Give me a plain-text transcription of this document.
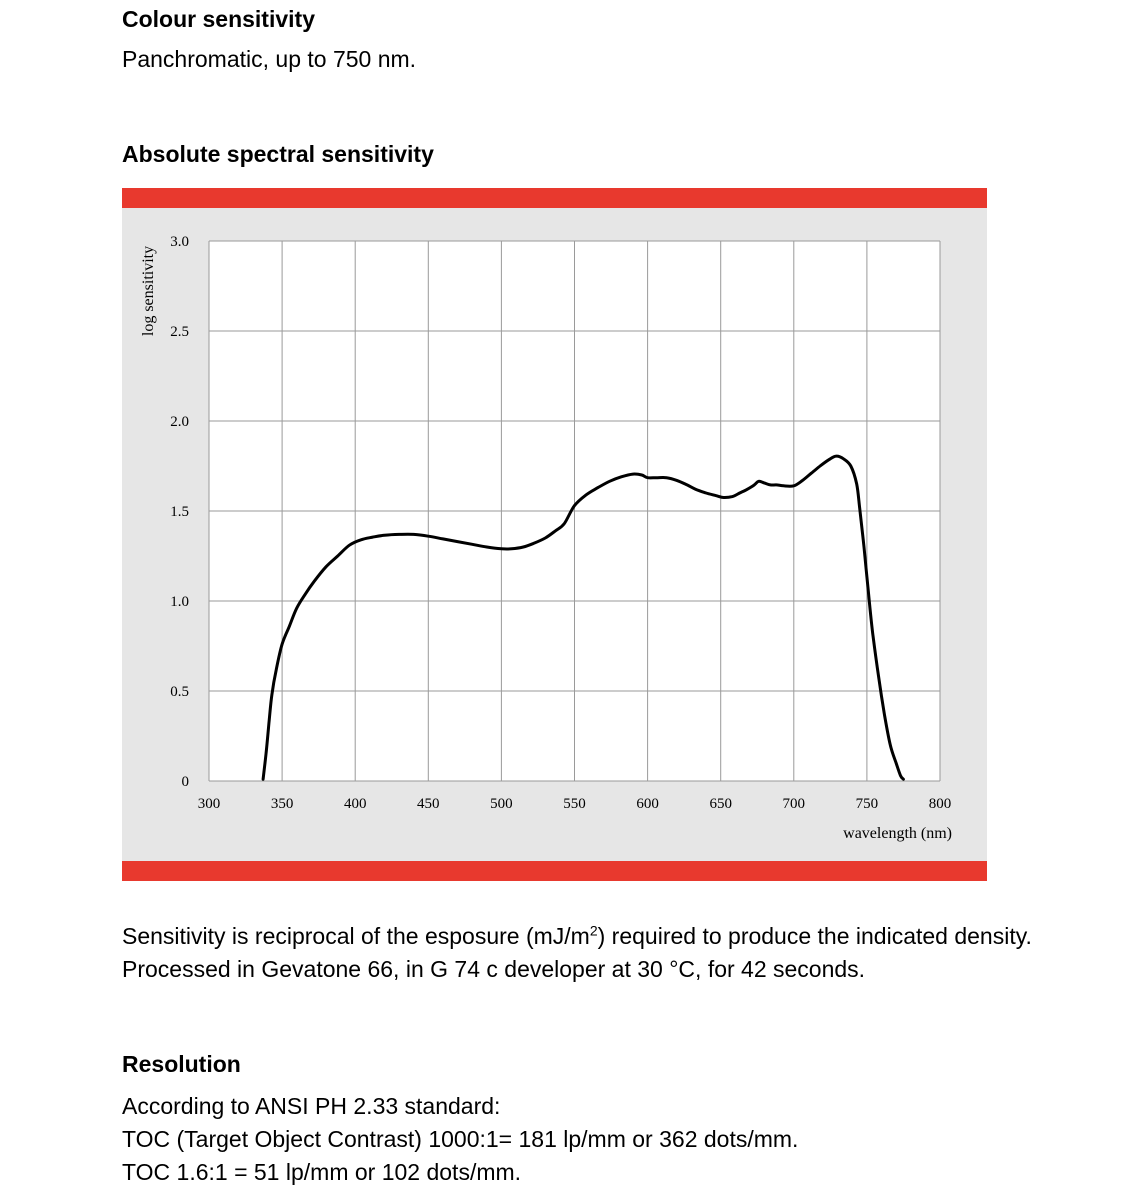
Colour sensitivity
Panchromatic, up to 750 nm.
Absolute spectral sensitivity
300	350	400	450	500	550	600	650	700	750	800
0
0.5
1.0
1.5
2.0
2.5
3.0
log sensitivity
wavelength (nm)
Sensitivity is reciprocal of the esposure $(mJ/m^2)$ required to produce the indicated density.
Processed in Gevatone 66, in G 74 c developer at 30 °C, for 42 seconds.
Resolution
According to ANSI PH 2.33 standard:
TOC (Target Object Contrast) 1000:1= 181 lp/mm or 362 dots/mm.
TOC 1.6:1 = 51 lp/mm or 102 dots/mm.
